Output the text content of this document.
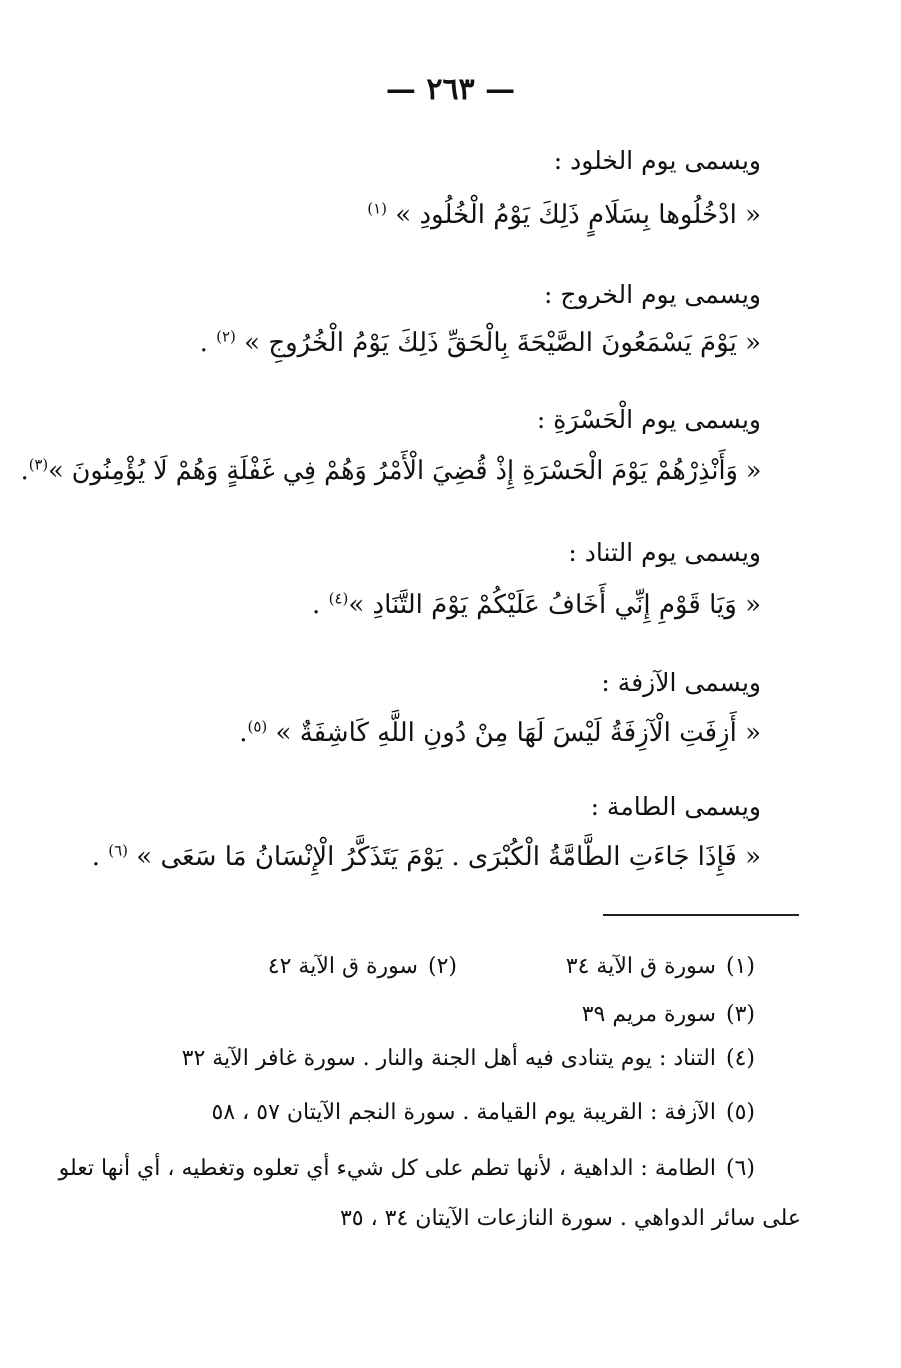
— ٢٦٣ —
ويسمى يوم الخلود :
« ادْخُلُوها بِسَلَامٍ ذَلِكَ يَوْمُ الْخُلُودِ » $^{(١)}$
ويسمى يوم الخروج :
« يَوْمَ يَسْمَعُونَ الصَّيْحَةَ بِالْحَقِّ ذَلِكَ يَوْمُ الْخُرُوجِ » $^{(٢)}$ .
ويسمى يوم الْحَسْرَةِ :
« وَأَنْذِرْهُمْ يَوْمَ الْحَسْرَةِ إِذْ قُضِيَ الْأَمْرُ وَهُمْ فِي غَفْلَةٍ وَهُمْ لَا يُؤْمِنُونَ »$^{(٣)}$.
ويسمى يوم التناد :
« وَيَا قَوْمِ إِنِّي أَخَافُ عَلَيْكُمْ يَوْمَ التَّنَادِ »$^{(٤)}$ .
ويسمى الآزفة :
« أَزِفَتِ الْآزِفَةُ لَيْسَ لَهَا مِنْ دُونِ اللَّهِ كَاشِفَةٌ » $^{(٥)}$.
ويسمى الطامة :
« فَإِذَا جَاءَتِ الطَّامَّةُ الْكُبْرَى . يَوْمَ يَتَذَكَّرُ الْإِنْسَانُ مَا سَعَى » $^{(٦)}$ .
(١)سورة ق الآية ٣٤
(٢)سورة ق الآية ٤٢
(٣)سورة مريم ٣٩
(٤)التناد : يوم يتنادى فيه أهل الجنة والنار . سورة غافر الآية ٣٢
(٥)الآزفة : القريبة يوم القيامة . سورة النجم الآيتان ٥٧ ، ٥٨
(٦)الطامة : الداهية ، لأنها تطم على كل شيء أي تعلوه وتغطيه ، أي أنها تعلو
على سائر الدواهي . سورة النازعات الآيتان ٣٤ ، ٣٥
